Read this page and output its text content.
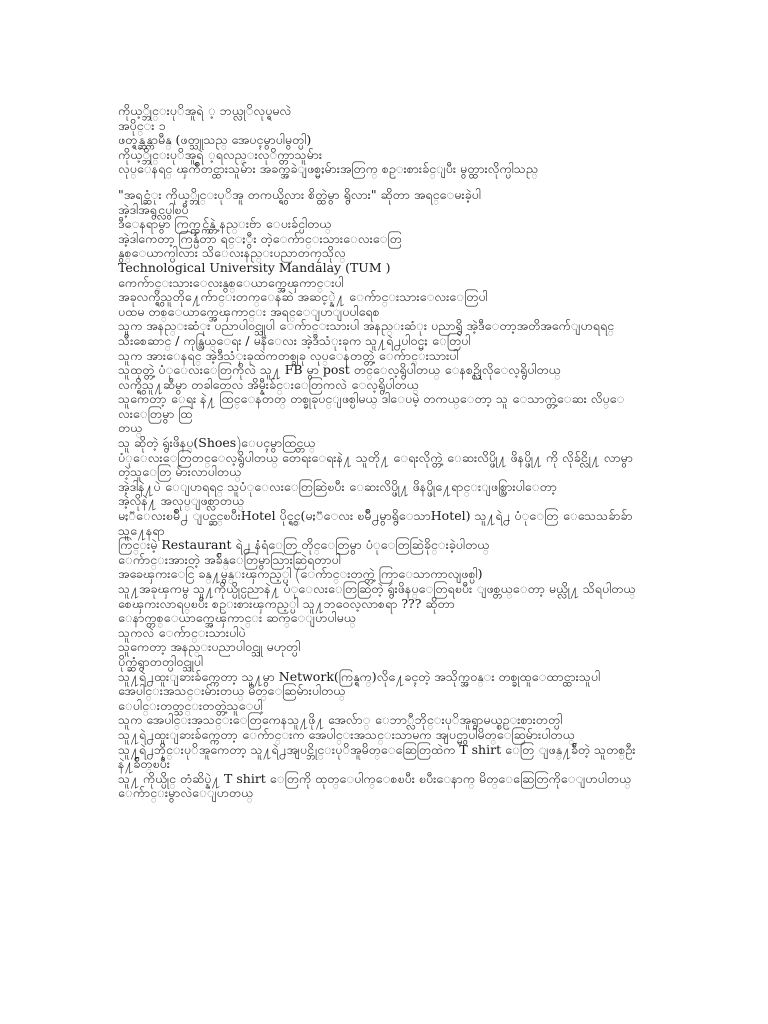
ကိုယ့္ဘိုင္းပုိအူရဲ ့ ဘယ္လုိလုပ္ရမလဲ
အပိုင္း ၁
ဖတ္ရန္ဆန္ကာမီန္ (ဖတ္သူသည္ အေပၚမွာပါမွတ္ပါ)
ကိုယ့္ဘိုင္းပုိအူရဲ ့ရလည္းလုိက္တာသူမ်ား
လုပ္ေနရင္ ၾကိဳတင္ထားသူမ်ား အခက္အခဲျဖစ္မႈမ်ားအတြက္ စဥ္းစားခ်င္ျပီး မွတ္ထားလိုက္ပါသည္
"အရင္ဆံုး ကိုယ့္ဘိုင္းပုိအူ တကယ္ရွိလား စိတ္ထဲမွာ ရွိလား" ဆိုတာ အရင္ေမးခဲ့ပါ
အဲ့ဒါအရွင္လွပါၿပီ
ဒီေနရာမွာ ကြက္တင္က်န္တဲ့ နည္းဗ်ာ ေပးခ်င္ပါတယ္
အဲ့ဒါကေတာ့ ကြန္ပ်ဴတာ ရင္ႏွီး တဲ့ေက်ာင္းသားေလးေတြ
နွစ္ေယာက္ပါလား သိေလးနည္းပညာတကၠသိုလ္
Technological University Mandalay (TUM )
ကေက်ာင္းသားေလးနွစ္ေယာက္အေၾကာင္းပါ
အခုလက္ရွိသူတို႔ေက်ာင္းတက္ေနဆဲ အဆင့္နဲ႔ ေက်ာင္းသားေလးေတြပါ
ပထမ တစ္ေယာက္အေၾကာင္း အရင္ေျပာျပပါရေစ
သူက အနည္းဆံုး ပညာပါ၀င္သူပါ ေက်ာင္းသားပါ အနည္းဆံုး ပညာရွိ အဲ့ဒီေတာ့အတိအက်ေျပာရရင္
သီးစေဆာင္ / ကုန္သြယ္ေရး / မနၱေလး အဲ့ဒီသံုးခုက သူ႔ရဲ႕ပါ၀င္မႈ ေတြပါ
သူက အားေနရင္ အဲ့ဒီသံုးခုထဲကတစ္ခုခု လုပ္ေနတတ္တဲ့ ေက်ာင္းသားပါ
သူထုတ္တဲ့ ပံုေလးေတြကိုလဲ သူ႔ FB မွာ post တင္ေလ့ရွိပါတယ္ ေနစဥ္လိုလိုေလ့ရွိပါတယ္
လက္ရွိသူ႔ဆီမွာ တခါတေလ အိမ္နီးခ်င္းေတြကလဲ ေလ့ရွိပါတယ္
သူကေတာ့ ေရး နဲ႔ ထြင္ေနတတ္ တစ္ခုခုပင္ျဖစ္ပါမယ္ ဒါေပမဲ့ တကယ္ေတာ့ သူ ေသာက္တဲ့ေဆး လိပ္ေလးေတြမွာ ထြ
တယ္
သူ ဆိုတဲ့ ရွဴးဖိနပ္(Shoes)ေပၚမွာထြင္တယ္
ပံုေလးေတြတင္ေလ့ရွိပါတယ္ တေရးေရးနဲ႔ သူတို႔ ေရးလိုက္တဲ့ ေဆးလိပ္ဖို႔ ဖိနပ္ဖို႔ ကို လိုခ်င္လို႔ လာမွာ
တဲ့သူေတြ မ်ားလာပါတယ္
အဲ့ဒါနဲ႔ပဲ ေျပာရရင္ သူပံုေလးေတြဆြဲၿပီး ေဆးလိပ္ဖို႔ ဖိနပ္ဖို႔ေရာင္းျဖစ္သြားပါေတာ့
အဲ့လိုနဲ႔ အလုပ္ျဖစ္လာတယ္
မႏၱေလးၿမိဳ႕ ျပင္ဆင္ၿပီးHotel ပိုင္ရွင္(မႏၱေလး ၿမိဳ႕မွာရွိေသာHotel) သူ႔ရဲ႕ ပံုေတြ ေသေသခ်ာခ်ာ သူ႔ေနရာ
ကြင္းမဲ့ Restaurant ရဲ႕ နံရံေတြ တိုင္ေတြမွာ ပံုေတြဆြဲခိုင္းခဲ့ပါတယ္
ေက်ာင္းအားတဲ့ အခ်ိန္ေတြမွာသြားဆြဲရတာပါ
အခေၾကးေငြ ခန္႔မွန္းၾကည့္ပါ (ေက်ာင္းတက္တဲ့ ကြာေသာကာလျဖစ္ပါ)
သူ႔အခုၾကမွ သူ႔ကိုယ္ပိုင္ပညာနဲ႔ ပံုေလးေတြဆြဲတဲ့ ရွဴးဖိနပ္ေတြရၿပီး ျဖစ္တယ္ေတာ့ မယ္လို႔ သိရပါတယ္
စေၾကးလာရပ္ၿပီး စဥ္းစားၾကည့္ပါ သူ႔ဘဝေလ့လာစရာ ??? ဆိုတာ
ေနာက္တစ္ေယာက္အေၾကာင္း ဆက္ေျပာပါမယ္
သူကလဲ ေက်ာင္းသားပါပဲ
သူကေတာ့ အနည္းပညာပါ၀င္သူ မဟုတ္ပါ
ပိုက္ဆံရွာတတ္ပါ၀င္သူပါ
သူ႔ရဲ႕ထူးျခားခ်က္ကေတာ့ သူ႔မွာ Network(ကြန္ရက္)လို႔ေခၚတဲ့ အသိုက္အ၀န္း တစ္ခုထူေထာင္ထားသူပါ
အေပါင္းအသင္းမ်ားတယ္ မိတ္ေဆြမ်ားပါတယ္
ေပါင္းတတ္သင္းတတ္တဲ့သူေပါ့
သူက အေပါင္းအသင္းေတြကေနသူ႔ဖို႔ အေလ်ာ္ ေဘာ္လီဘိုင္းပုိအူရွာမယ္စဥ္းစားတတ္ပါ
သူ႔ရဲ႕ထူးျခားခ်က္ကေတာ့ ေက်ာင္းက အေပါင္းအသင္းသာမက အျပင္မွာပါမိတ္ေဆြမ်ားပါတယ္
သူ႔ရဲ႕ဘိုင္းပုိအူကေတာ့ သူ႔ရဲ႕အျပင္ဘိုင္းပုိအူမိတ္ေဆြေတြထဲက T shirt ေတြ ျဖန္႔ခ်ီတဲ့ သူတစ္ဦးနဲ႔ခ်ိတ္ၿပီး
သူ႔ ကိုယ္ပိုင္ တံဆိပ္နဲ႔ T shirt ေတြကို ထုတ္ေပါက္ေစၿပီး ၿပီးေနာက္ မိတ္ေဆြေတြကိုေျပာပါတယ္
ေက်ာင္းမွာလဲေျပာတယ္
